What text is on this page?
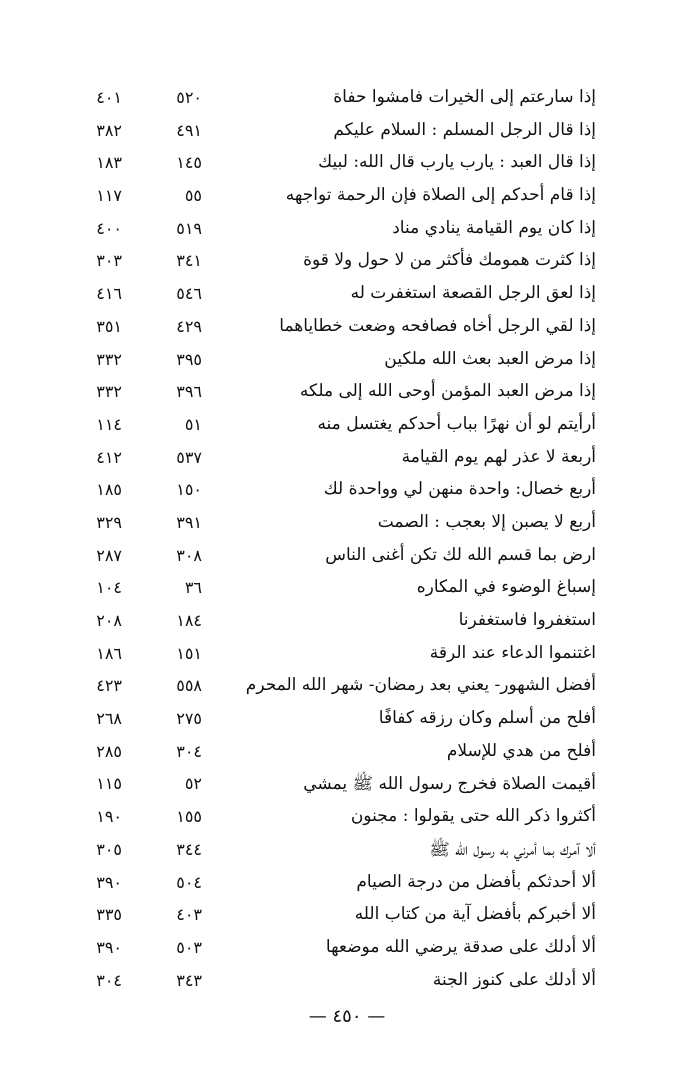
إذا سارعتم إلى الخيرات فامشوا حفاة
٥٢٠
٤٠١
إذا قال الرجل المسلم : السلام عليكم
٤٩١
٣٨٢
إذا قال العبد : يارب يارب قال الله: لبيك
١٤٥
١٨٣
إذا قام أحدكم إلى الصلاة فإن الرحمة تواجهه
٥٥
١١٧
إذا كان يوم القيامة ينادي مناد
٥١٩
٤٠٠
إذا كثرت همومك فأكثر من لا حول ولا قوة
٣٤١
٣٠٣
إذا لعق الرجل القصعة استغفرت له
٥٤٦
٤١٦
إذا لقي الرجل أخاه فصافحه وضعت خطاياهما
٤٢٩
٣٥١
إذا مرض العبد بعث الله ملكين
٣٩٥
٣٣٢
إذا مرض العبد المؤمن أوحى الله إلى ملكه
٣٩٦
٣٣٢
أرأيتم لو أن نهرًا بباب أحدكم يغتسل منه
٥١
١١٤
أربعة لا عذر لهم يوم القيامة
٥٣٧
٤١٢
أربع خصال: واحدة منهن لي وواحدة لك
١٥٠
١٨٥
أربع لا يصبن إلا بعجب : الصمت
٣٩١
٣٢٩
ارض بما قسم الله لك تكن أغنى الناس
٣٠٨
٢٨٧
إسباغ الوضوء في المكاره
٣٦
١٠٤
استغفروا فاستغفرنا
١٨٤
٢٠٨
اغتنموا الدعاء عند الرقة
١٥١
١٨٦
أفضل الشهور- يعني بعد رمضان- شهر الله المحرم
٥٥٨
٤٢٣
أفلح من أسلم وكان رزقه كفافًا
٢٧٥
٢٦٨
أفلح من هدي للإسلام
٣٠٤
٢٨٥
أقيمت الصلاة فخرج رسول الله ﷺ يمشي
٥٢
١١٥
أكثروا ذكر الله حتى يقولوا : مجنون
١٥٥
١٩٠
ألا آمرك بما أمرني به رسول الله ﷺ
٣٤٤
٣٠٥
ألا أحدثكم بأفضل من درجة الصيام
٥٠٤
٣٩٠
ألا أخبركم بأفضل آية من كتاب الله
٤٠٣
٣٣٥
ألا أدلك على صدقة يرضي الله موضعها
٥٠٣
٣٩٠
ألا أدلك على كنوز الجنة
٣٤٣
٣٠٤
— ٤٥٠ —
